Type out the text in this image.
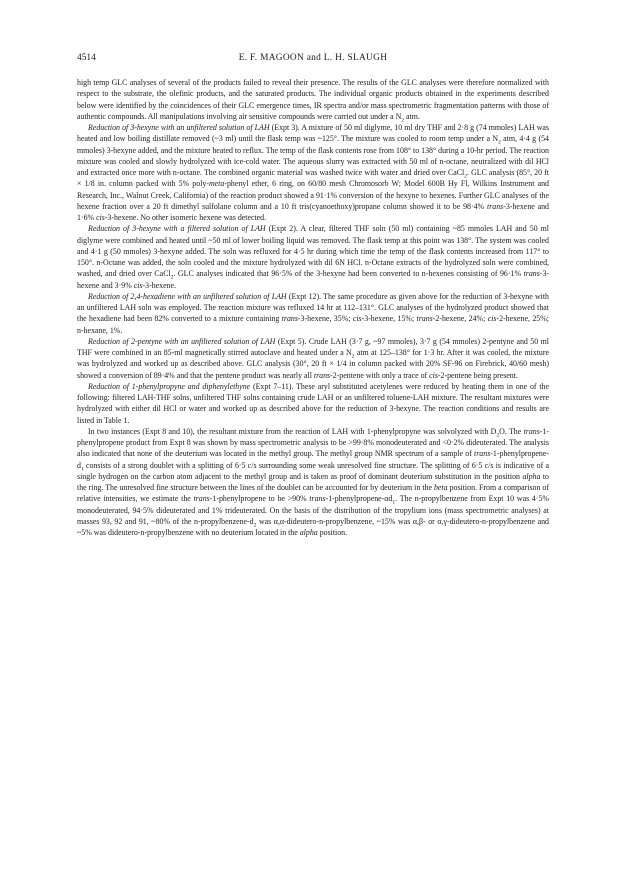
4514	E. F. MAGOON and L. H. SLAUGH

high temp GLC analyses of several of the products failed to reveal their presence. The results of the GLC analyses were therefore normalized with respect to the substrate, the olefinic products, and the saturated products. The individual organic products obtained in the experiments described below were identified by the coincidences of their GLC emergence times, IR spectra and/or mass spectrometric fragmentation patterns with those of authentic compounds. All manipulations involving air sensitive compounds were carried out under a $N_2$ atm.

Reduction of 3-hexyne with an unfiltered solution of LAH (Expt 3). A mixture of 50 ml diglyme, 10 ml dry THF and 2·8 g (74 mmoles) LAH was heated and low boiling distillate removed (~3 ml) until the flask temp was ~125°. The mixture was cooled to room temp under a $N_2$ atm, 4·4 g (54 mmoles) 3-hexyne added, and the mixture heated to reflux. The temp of the flask contents rose from 108° to 138° during a 10-hr period. The reaction mixture was cooled and slowly hydrolyzed with ice-cold water. The aqueous slurry was extracted with 50 ml of n-octane, neutralized with dil HCl and extracted once more with n-octane. The combined organic material was washed twice with water and dried over CaCl$_2$. GLC analysis (85°, 20 ft × 1/8 in. column packed with 5% poly-meta-phenyl ether, 6 ring, on 60/80 mesh Chromosorb W; Model 600B Hy Fl, Wilkins Instrument and Research, Inc., Walnut Creek, California) of the reaction product showed a 91·1% conversion of the hexyne to hexenes. Further GLC analyses of the hexene fraction over a 20 ft dimethyl sulfolane column and a 10 ft tris(cyanoethoxy)propane column showed it to be 98·4% trans-3-hexene and 1·6% cis-3-hexene. No other isomeric hexene was detected.

Reduction of 3-hexyne with a filtered solution of LAH (Expt 2). A clear, filtered THF soln (50 ml) containing ~85 mmoles LAH and 50 ml diglyme were combined and heated until ~50 ml of lower boiling liquid was removed. The flask temp at this point was 138°. The system was cooled and 4·1 g (50 mmoles) 3-hexyne added. The soln was refluxed for 4·5 hr during which time the temp of the flask contents increased from 117° to 150°. n-Octane was added, the soln cooled and the mixture hydrolyzed with dil 6N HCl. n-Octane extracts of the hydrolyzed soln were combined, washed, and dried over CaCl$_2$. GLC analyses indicated that 96·5% of the 3-hexyne had been converted to n-hexenes consisting of 96·1% trans-3-hexene and 3·9% cis-3-hexene.

Reduction of 2,4-hexadiene with an unfiltered solution of LAH (Expt 12). The same procedure as given above for the reduction of 3-hexyne with an unfiltered LAH soln was employed. The reaction mixture was refluxed 14 hr at 112–131°. GLC analyses of the hydrolyzed product showed that the hexadiene had been 82% converted to a mixture containing trans-3-hexene, 35%; cis-3-hexene, 15%; trans-2-hexene, 24%; cis-2-hexene, 25%; n-hexane, 1%.

Reduction of 2-pentyne with an unfiltered solution of LAH (Expt 5). Crude LAH (3·7 g, ~97 mmoles), 3·7 g (54 mmoles) 2-pentyne and 50 ml THF were combined in an 85-ml magnetically stirred autoclave and heated under a $N_2$ atm at 125–138° for 1·3 hr. After it was cooled, the mixture was hydrolyzed and worked up as described above. GLC analysis (30°, 20 ft × 1/4 in column packed with 20% SF-96 on Firebrick, 40/60 mesh) showed a conversion of 89·4% and that the pentene product was nearly all trans-2-pentene with only a trace of cis-2-pentene being present.

Reduction of 1-phenylpropyne and diphenylethyne (Expt 7–11). These aryl substituted acetylenes were reduced by heating them in one of the following: filtered LAH-THF solns, unfiltered THF solns containing crude LAH or an unfiltered toluene-LAH mixture. The resultant mixtures were hydrolyzed with either dil HCl or water and worked up as described above for the reduction of 3-hexyne. The reaction conditions and results are listed in Table 1.

In two instances (Expt 8 and 10), the resultant mixture from the reaction of LAH with 1-phenylpropyne was solvolyzed with $D_2O$. The trans-1-phenylpropene product from Expt 8 was shown by mass spectrometric analysis to be >99·8% monodeuterated and <0·2% dideuterated. The analysis also indicated that none of the deuterium was located in the methyl group. The methyl group NMR spectrum of a sample of trans-$1-phenylpropene-d_1$ consists of a strong doublet with a splitting of 6·5 c/s surrounding some weak unresolved fine structure. The splitting of 6·5 c/s is indicative of a single hydrogen on the carbon atom adjacent to the methyl group and is taken as proof of dominant deuterium substitution in the position alpha to the ring. The unresolved fine structure between the lines of the doublet can be accounted for by deuterium in the beta position. From a comparison of relative intensities, we estimate the trans-1-phenylpropene to be >90% trans-$1-phenylpropene-\alpha d_1$. The n-propylbenzene from Expt 10 was 4·5% monodeuterated, 94·5% dideuterated and 1% trideuterated. On the basis of the distribution of the tropylium ions (mass spectrometric analyses) at masses 93, 92 and 91, ~80% of the $n-propylbenzene-d_2$ was α,α-dideutero-n-propylbenzene, ~15% was α,β- or α,γ-dideutero-n-propylbenzene and ~5% was dideutero-n-propylbenzene with no deuterium located in the alpha position.
